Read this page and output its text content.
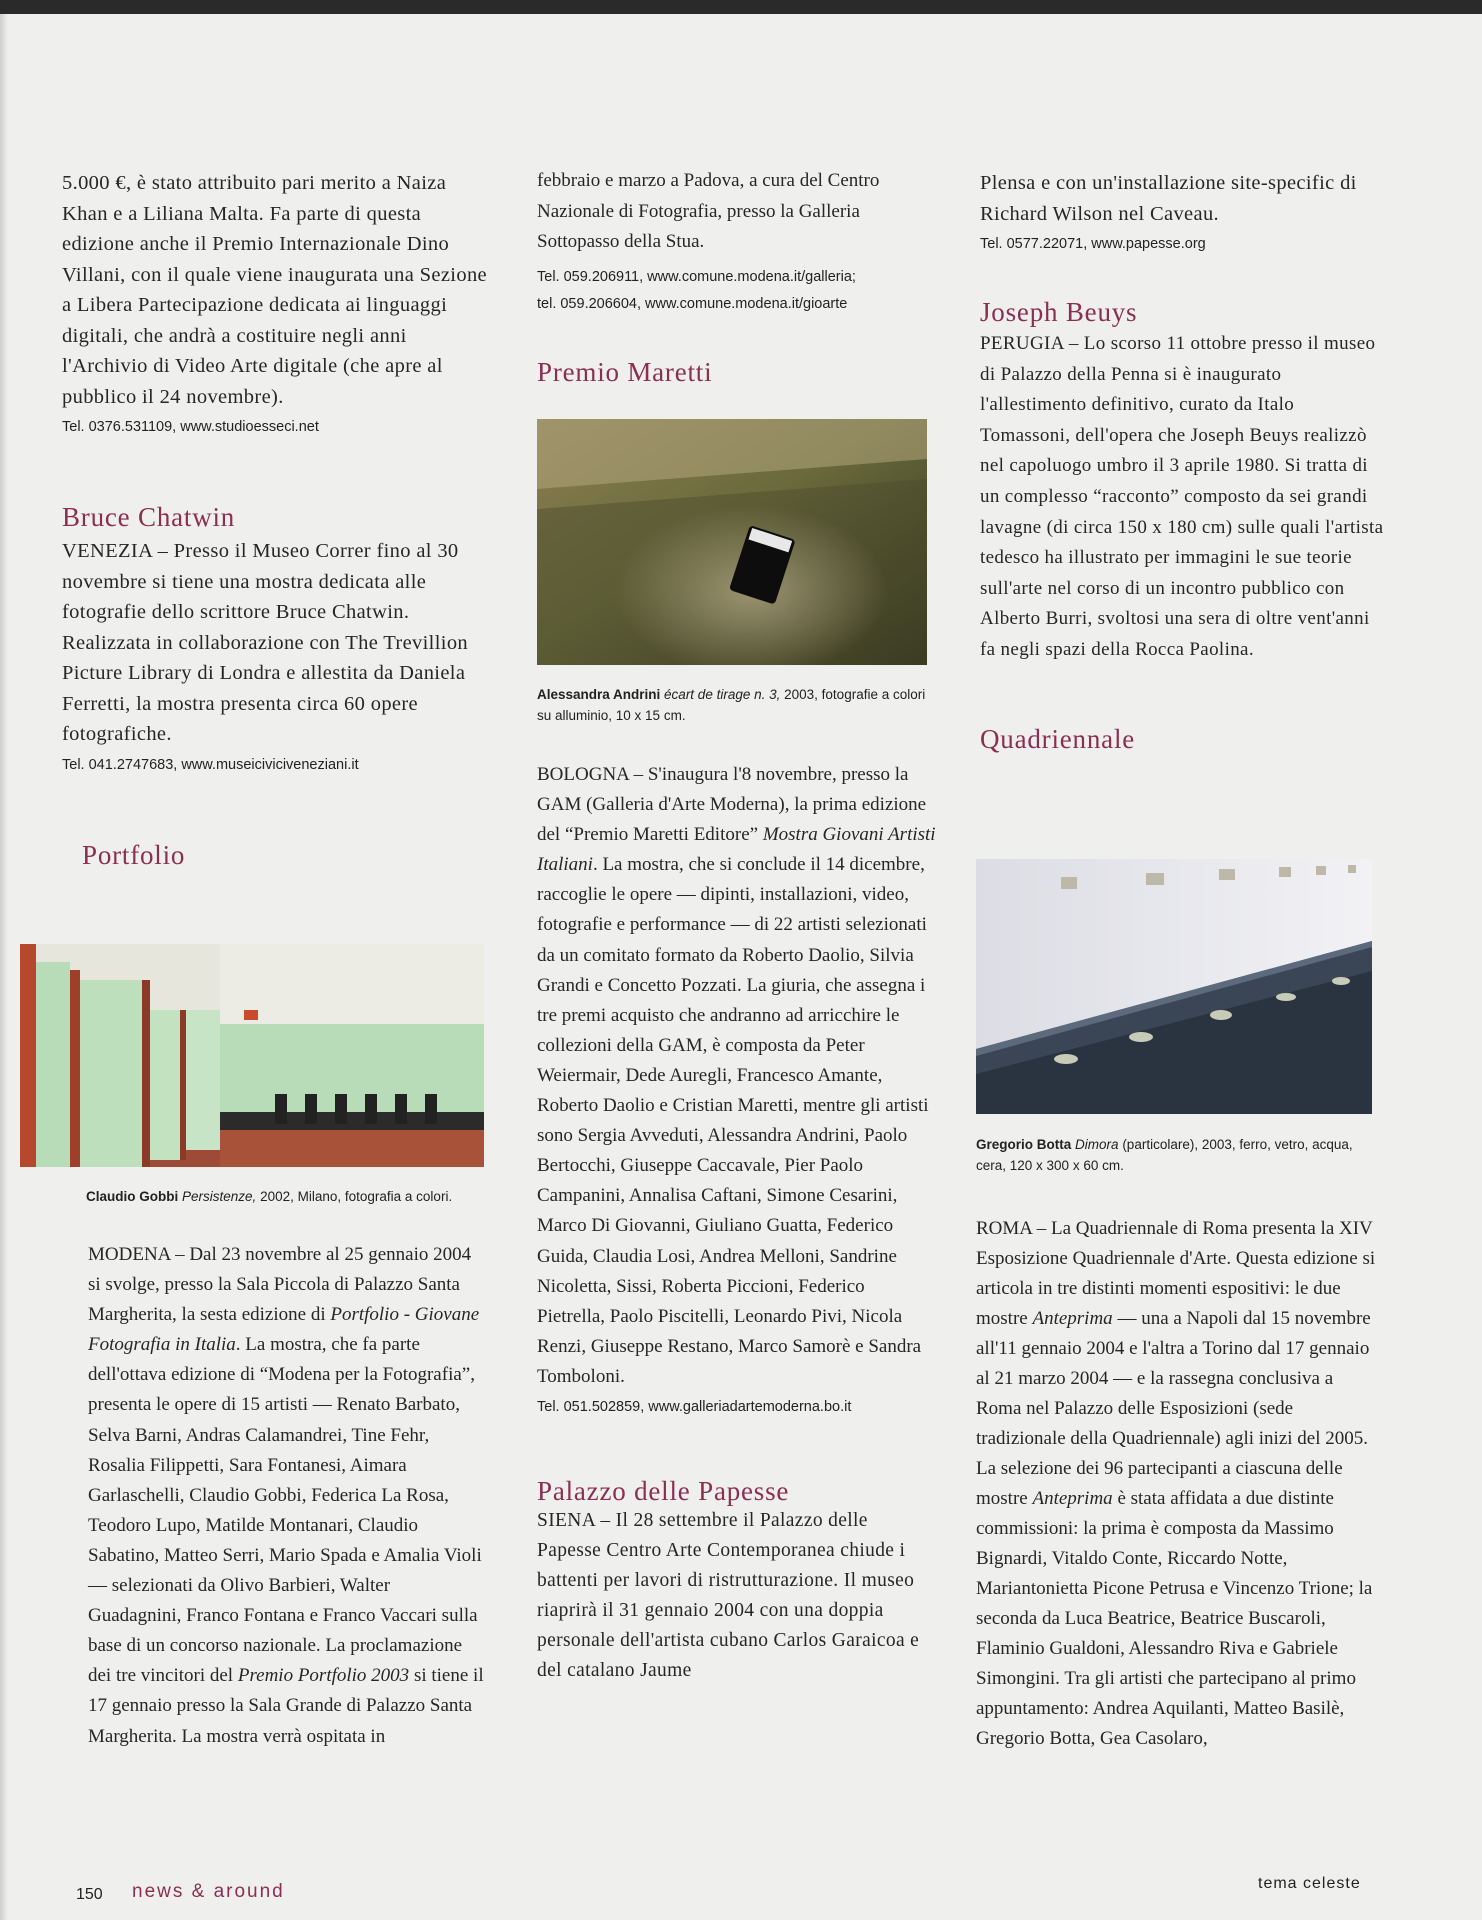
5.000 €, è stato attribuito pari merito a Naiza Khan e a Liliana Malta. Fa parte di questa edizione anche il Premio Internazionale Dino Villani, con il quale viene inaugurata una Sezione a Libera Partecipazione dedicata ai linguaggi digitali, che andrà a costituire negli anni l'Archivio di Video Arte digitale (che apre al pubblico il 24 novembre).

Tel. 0376.531109, www.studioesseci.net

Bruce Chatwin

VENEZIA – Presso il Museo Correr fino al 30 novembre si tiene una mostra dedicata alle fotografie dello scrittore Bruce Chatwin. Realizzata in collaborazione con The Trevillion Picture Library di Londra e allestita da Daniela Ferretti, la mostra presenta circa 60 opere fotografiche.

Tel. 041.2747683, www.museiciviciveneziani.it

Portfolio

Claudio Gobbi Persistenze, 2002, Milano, fotografia a colori.

MODENA – Dal 23 novembre al 25 gennaio 2004 si svolge, presso la Sala Piccola di Palazzo Santa Margherita, la sesta edizione di Portfolio - Giovane Fotografia in Italia. La mostra, che fa parte dell'ottava edizione di “Modena per la Fotografia”, presenta le opere di 15 artisti — Renato Barbato, Selva Barni, Andras Calamandrei, Tine Fehr, Rosalia Filippetti, Sara Fontanesi, Aimara Garlaschelli, Claudio Gobbi, Federica La Rosa, Teodoro Lupo, Matilde Montanari, Claudio Sabatino, Matteo Serri, Mario Spada e Amalia Violi — selezionati da Olivo Barbieri, Walter Guadagnini, Franco Fontana e Franco Vaccari sulla base di un concorso nazionale. La proclamazione dei tre vincitori del Premio Portfolio 2003 si tiene il 17 gennaio presso la Sala Grande di Palazzo Santa Margherita. La mostra verrà ospitata in

febbraio e marzo a Padova, a cura del Centro Nazionale di Fotografia, presso la Galleria Sottopasso della Stua.

Tel. 059.206911, www.comune.modena.it/galleria;

tel. 059.206604, www.comune.modena.it/gioarte

Premio Maretti

Alessandra Andrini écart de tirage n. 3, 2003, fotografie a colori su alluminio, 10 x 15 cm.

BOLOGNA – S'inaugura l'8 novembre, presso la GAM (Galleria d'Arte Moderna), la prima edizione del “Premio Maretti Editore” Mostra Giovani Artisti Italiani. La mostra, che si conclude il 14 dicembre, raccoglie le opere — dipinti, installazioni, video, fotografie e performance — di 22 artisti selezionati da un comitato formato da Roberto Daolio, Silvia Grandi e Concetto Pozzati. La giuria, che assegna i tre premi acquisto che andranno ad arricchire le collezioni della GAM, è composta da Peter Weiermair, Dede Auregli, Francesco Amante, Roberto Daolio e Cristian Maretti, mentre gli artisti sono Sergia Avveduti, Alessandra Andrini, Paolo Bertocchi, Giuseppe Caccavale, Pier Paolo Campanini, Annalisa Caftani, Simone Cesarini, Marco Di Giovanni, Giuliano Guatta, Federico Guida, Claudia Losi, Andrea Melloni, Sandrine Nicoletta, Sissi, Roberta Piccioni, Federico Pietrella, Paolo Piscitelli, Leonardo Pivi, Nicola Renzi, Giuseppe Restano, Marco Samorè e Sandra Tomboloni.

Tel. 051.502859, www.galleriadartemoderna.bo.it

Palazzo delle Papesse

SIENA – Il 28 settembre il Palazzo delle Papesse Centro Arte Contemporanea chiude i battenti per lavori di ristrutturazione. Il museo riaprirà il 31 gennaio 2004 con una doppia personale dell'artista cubano Carlos Garaicoa e del catalano Jaume

Plensa e con un'installazione site-specific di Richard Wilson nel Caveau.

Tel. 0577.22071, www.papesse.org

Joseph Beuys

PERUGIA – Lo scorso 11 ottobre presso il museo di Palazzo della Penna si è inaugurato l'allestimento definitivo, curato da Italo Tomassoni, dell'opera che Joseph Beuys realizzò nel capoluogo umbro il 3 aprile 1980. Si tratta di un complesso “racconto” composto da sei grandi lavagne (di circa 150 x 180 cm) sulle quali l'artista tedesco ha illustrato per immagini le sue teorie sull'arte nel corso di un incontro pubblico con Alberto Burri, svoltosi una sera di oltre vent'anni fa negli spazi della Rocca Paolina.

Quadriennale

Gregorio Botta Dimora (particolare), 2003, ferro, vetro, acqua, cera, 120 x 300 x 60 cm.

ROMA – La Quadriennale di Roma presenta la XIV Esposizione Quadriennale d'Arte. Questa edizione si articola in tre distinti momenti espositivi: le due mostre Anteprima — una a Napoli dal 15 novembre all'11 gennaio 2004 e l'altra a Torino dal 17 gennaio al 21 marzo 2004 — e la rassegna conclusiva a Roma nel Palazzo delle Esposizioni (sede tradizionale della Quadriennale) agli inizi del 2005. La selezione dei 96 partecipanti a ciascuna delle mostre Anteprima è stata affidata a due distinte commissioni: la prima è composta da Massimo Bignardi, Vitaldo Conte, Riccardo Notte, Mariantonietta Picone Petrusa e Vincenzo Trione; la seconda da Luca Beatrice, Beatrice Buscaroli, Flaminio Gualdoni, Alessandro Riva e Gabriele Simongini. Tra gli artisti che partecipano al primo appuntamento: Andrea Aquilanti, Matteo Basilè, Gregorio Botta, Gea Casolaro,

150 news & around	tema celeste
